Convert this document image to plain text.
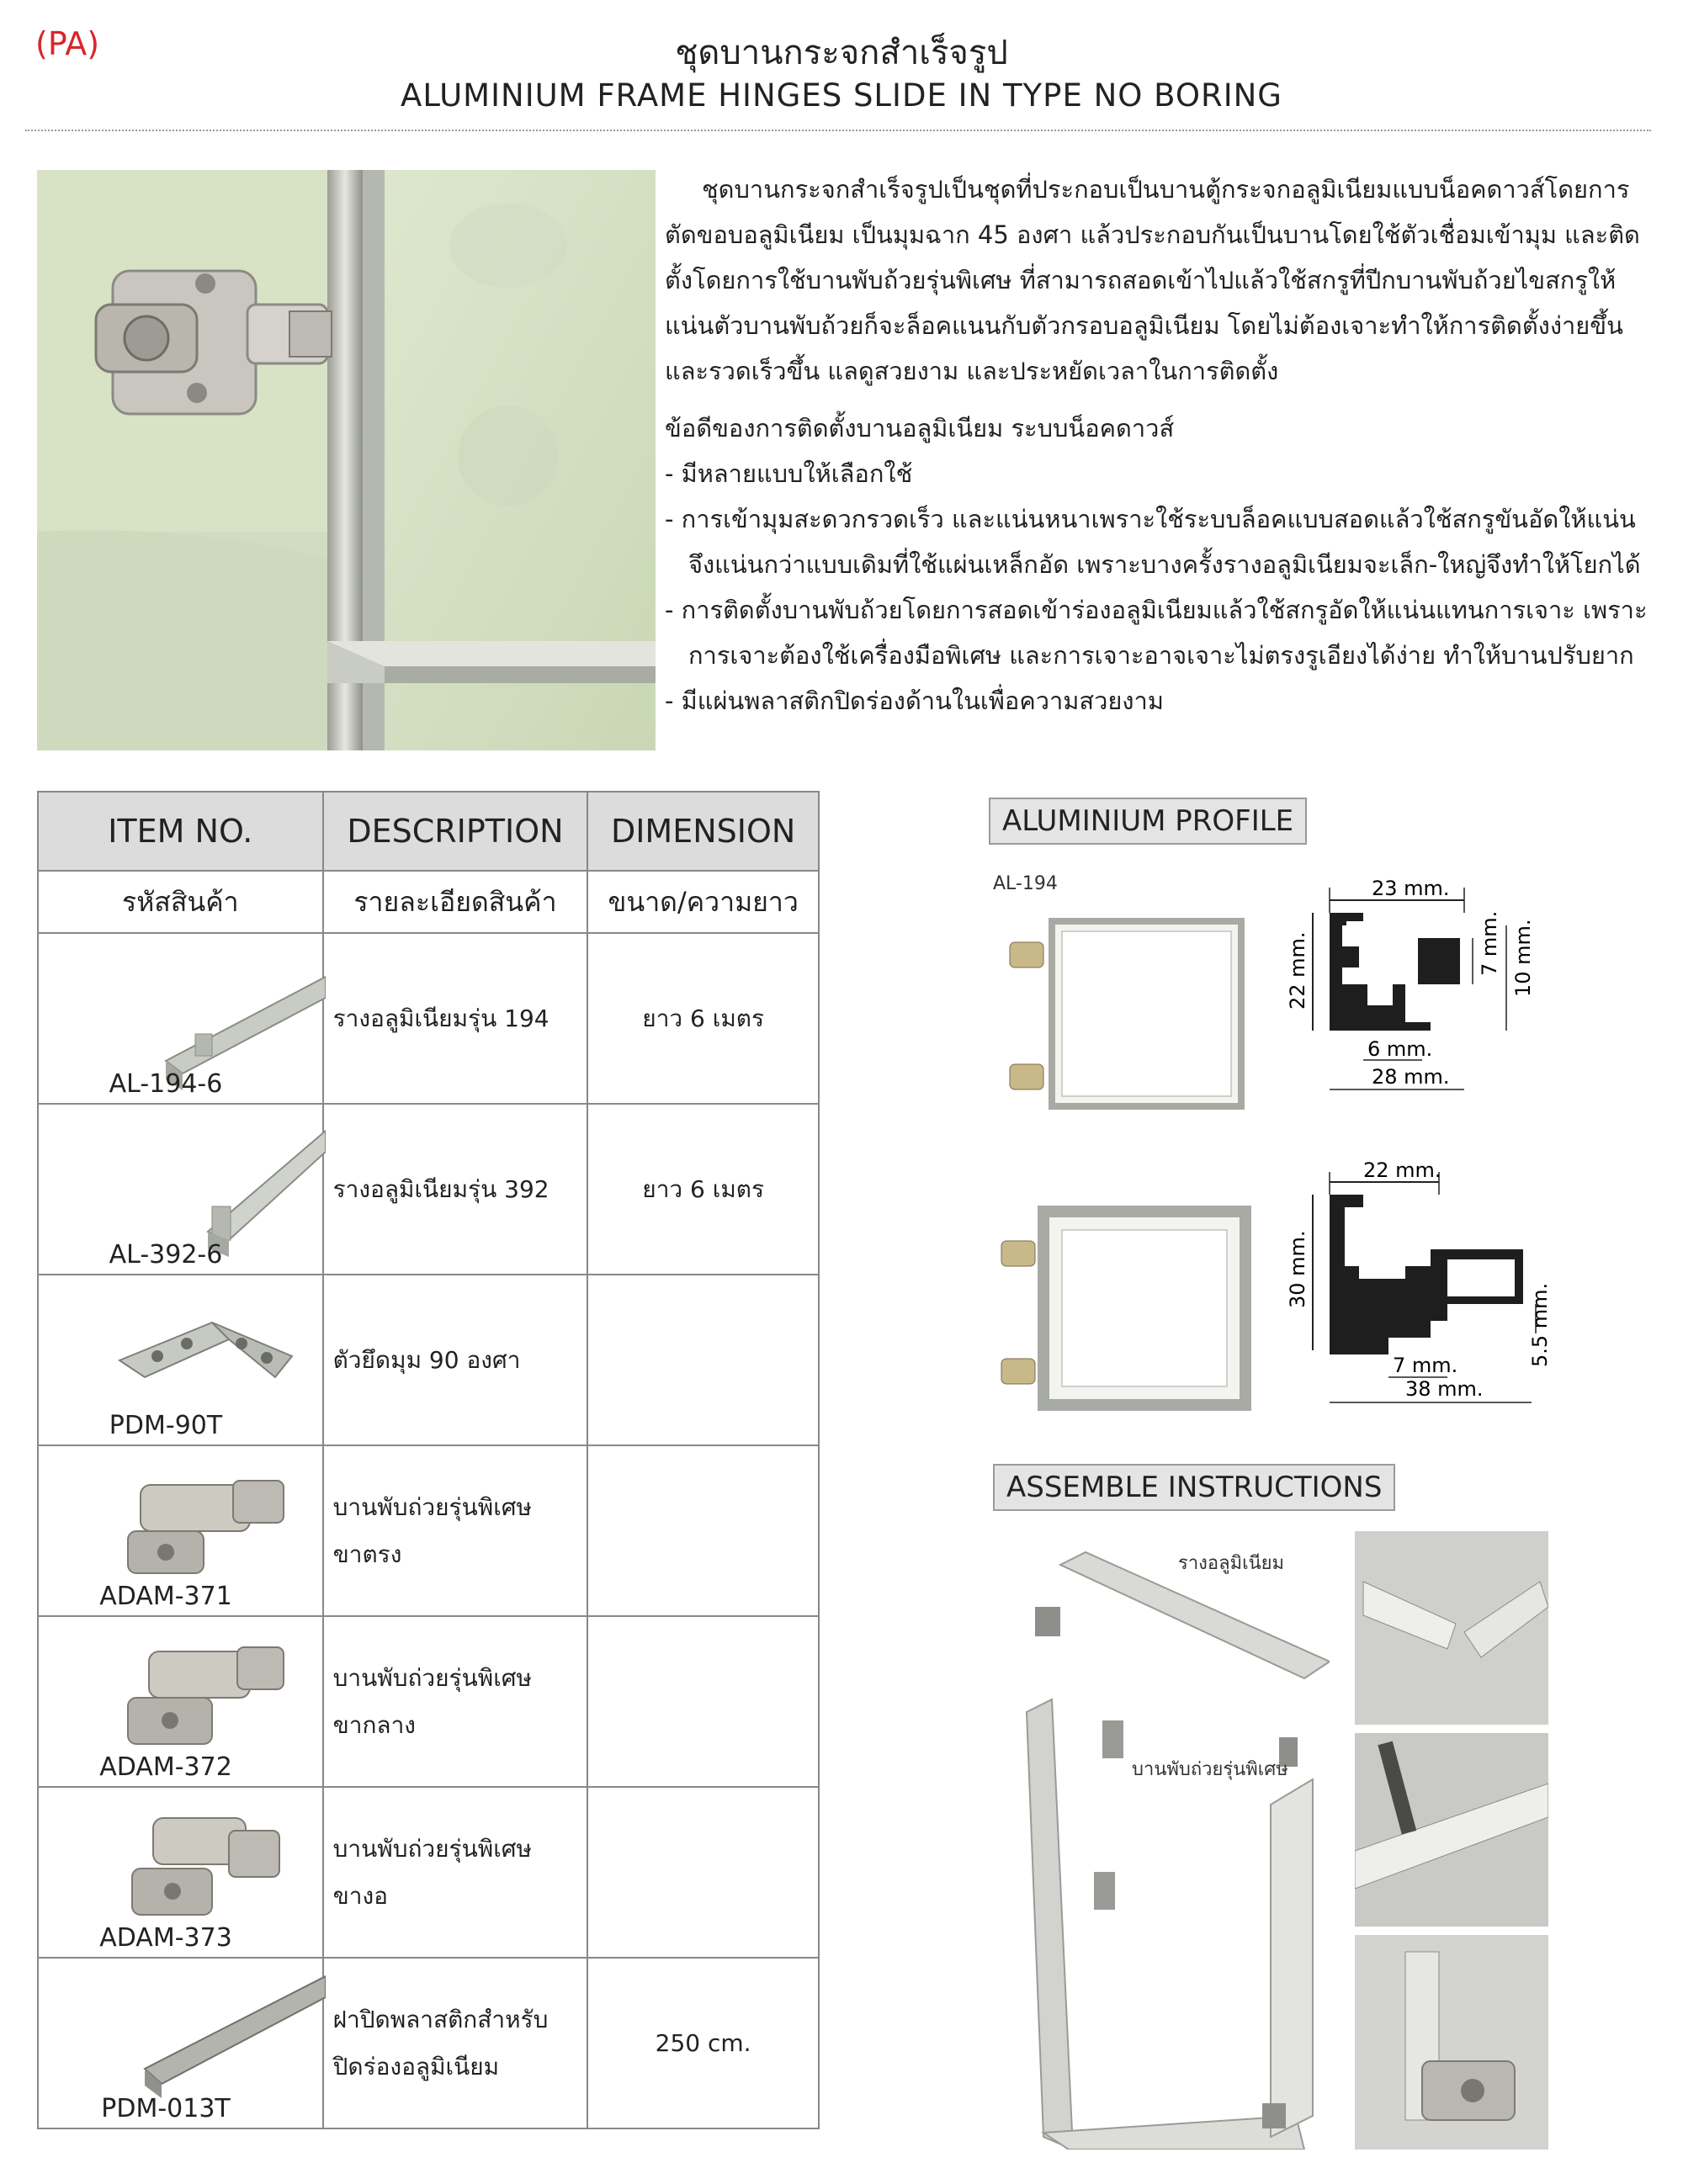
(PA)	ชุดบานกระจกสำเร็จรูป
ALUMINIUM FRAME HINGES SLIDE IN TYPE NO BORING

ชุดบานกระจกสำเร็จรูปเป็นชุดที่ประกอบเป็นบานตู้กระจกอลูมิเนียมแบบน็อคดาวส์โดยการตัดขอบอลูมิเนียม เป็นมุมฉาก 45 องศา แล้วประกอบกันเป็นบานโดยใช้ตัวเชื่อมเข้ามุม และติดตั้งโดยการใช้บานพับถ้วยรุ่นพิเศษ ที่สามารถสอดเข้าไปแล้วใช้สกรูที่ปีกบานพับถ้วยไขสกรูให้แน่นตัวบานพับถ้วยก็จะล็อคแนนกับตัวกรอบอลูมิเนียม โดยไม่ต้องเจาะทำให้การติดตั้งง่ายขึ้น และรวดเร็วขึ้น แลดูสวยงาม และประหยัดเวลาในการติดตั้ง

ข้อดีของการติดตั้งบานอลูมิเนียม ระบบน็อคดาวส์

- มีหลายแบบให้เลือกใช้

- การเข้ามุมสะดวกรวดเร็ว และแน่นหนาเพราะใช้ระบบล็อคแบบสอดแล้วใช้สกรูขันอัดให้แน่นจึงแน่นกว่าแบบเดิมที่ใช้แผ่นเหล็กอัด เพราะบางครั้งรางอลูมิเนียมจะเล็ก-ใหญ่จึงทำให้โยกได้

- การติดตั้งบานพับถ้วยโดยการสอดเข้าร่องอลูมิเนียมแล้วใช้สกรูอัดให้แน่นแทนการเจาะ เพราะการเจาะต้องใช้เครื่องมือพิเศษ และการเจาะอาจเจาะไม่ตรงรูเอียงได้ง่าย ทำให้บานปรับยาก

- มีแผ่นพลาสติกปิดร่องด้านในเพื่อความสวยงาม

ITEM NO.	DESCRIPTION	DIMENSION
รหัสสินค้า	รายละเอียดสินค้า	ขนาด/ความยาว

AL-194-6	รางอลูมิเนียมรุ่น 194	ยาว 6 เมตร

AL-392-6	รางอลูมิเนียมรุ่น 392	ยาว 6 เมตร

PDM-90T	ตัวยึดมุม 90 องศา	

ADAM-371	บานพับถ่วยรุ่นพิเศษ
ขาตรง	

ADAM-372	บานพับถ่วยรุ่นพิเศษ
ขากลาง	

ADAM-373	บานพับถ่วยรุ่นพิเศษ
ขางอ	

PDM-013T	ฝาปิดพลาสติกสำหรับ
ปิดร่องอลูมิเนียม	250 cm.
ALUMINIUM PROFILE
AL-194	23 mm.
22 mm.	7 mm. 10 mm.
6 mm.
28 mm.
22 mm.
30 mm.
5.5 mm.
7 mm.
38 mm.
ASSEMBLE INSTRUCTIONS
รางอลูมิเนียม
บานพับถ่วยรุ่นพิเศษ
